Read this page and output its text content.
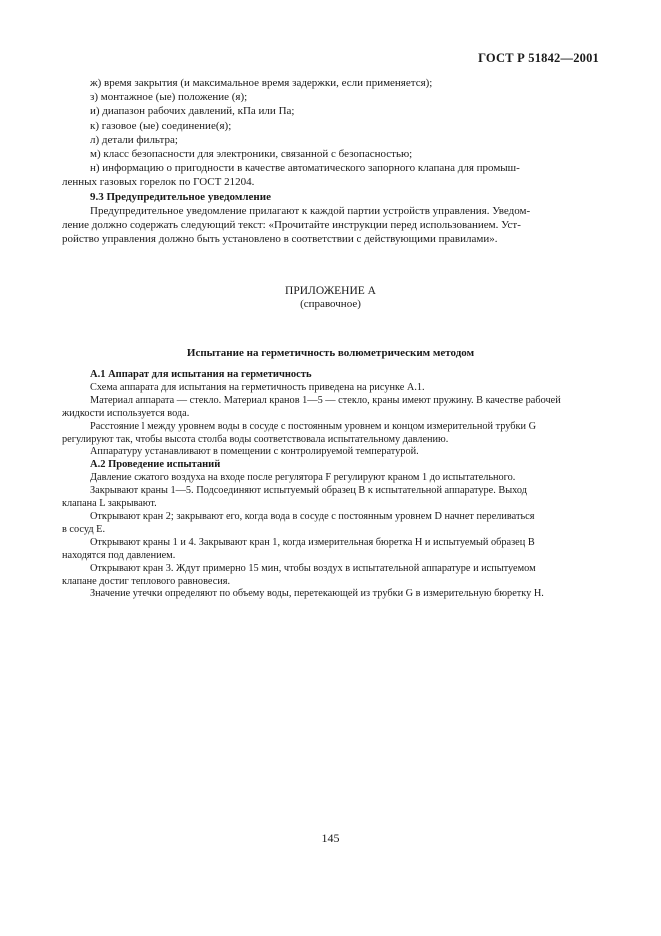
ГОСТ Р 51842—2001
ж) время закрытия (и максимальное время задержки, если применяется);
з) монтажное (ые) положение (я);
и) диапазон рабочих давлений, кПа или Па;
к) газовое (ые) соединение(я);
л) детали фильтра;
м) класс безопасности для электроники, связанной с безопасностью;
н) информацию о пригодности в качестве автоматического запорного клапана для промыш-
ленных газовых горелок по ГОСТ 21204.
9.3 Предупредительное уведомление
Предупредительное уведомление прилагают к каждой партии устройств управления. Уведом-
ление должно содержать следующий текст: «Прочитайте инструкции перед использованием. Уст-
ройство управления должно быть установлено в соответствии с действующими правилами».
ПРИЛОЖЕНИЕ А
(справочное)
Испытание на герметичность волюметрическим методом
А.1 Аппарат для испытания на герметичность
Схема аппарата для испытания на герметичность приведена на рисунке А.1.
Материал аппарата — стекло. Материал кранов 1—5 — стекло, краны имеют пружину. В качестве рабочей
жидкости используется вода.
Расстояние l между уровнем воды в сосуде с постоянным уровнем и концом измерительной трубки G
регулируют так, чтобы высота столба воды соответствовала испытательному давлению.
Аппаратуру устанавливают в помещении с контролируемой температурой.
А.2 Проведение испытаний
Давление сжатого воздуха на входе после регулятора F регулируют краном 1 до испытательного.
Закрывают краны 1—5. Подсоединяют испытуемый образец B к испытательной аппаратуре. Выход
клапана L закрывают.
Открывают кран 2; закрывают его, когда вода в сосуде с постоянным уровнем D начнет переливаться
в сосуд E.
Открывают краны 1 и 4. Закрывают кран 1, когда измерительная бюретка H и испытуемый образец B
находятся под давлением.
Открывают кран 3. Ждут примерно 15 мин, чтобы воздух в испытательной аппаратуре и испытуемом
клапане достиг теплового равновесия.
Значение утечки определяют по объему воды, перетекающей из трубки G в измерительную бюретку H.
145
